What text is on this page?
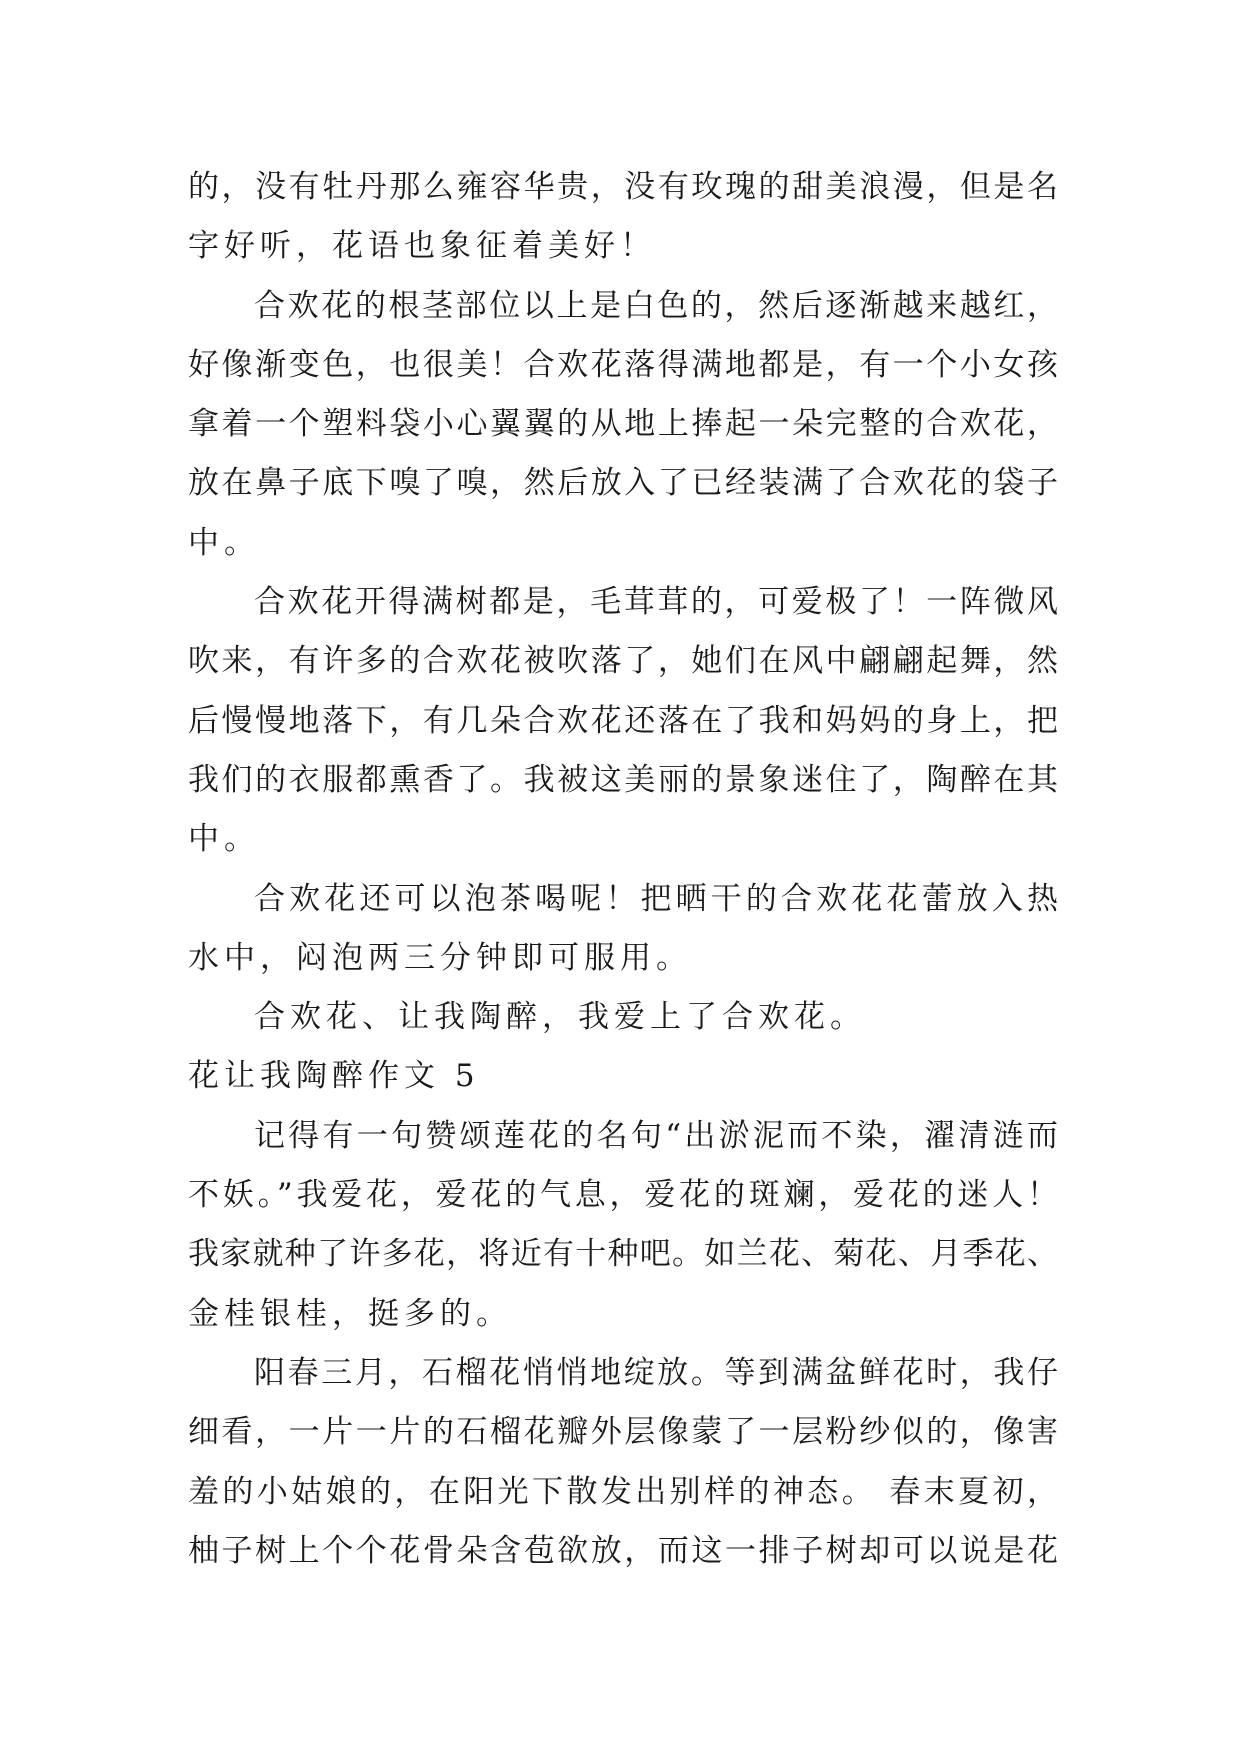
的，没有牡丹那么雍容华贵，没有玫瑰的甜美浪漫，但是名
字好听，花语也象征着美好！
合欢花的根茎部位以上是白色的，然后逐渐越来越红，
好像渐变色，也很美！合欢花落得满地都是，有一个小女孩
拿着一个塑料袋小心翼翼的从地上捧起一朵完整的合欢花，
放在鼻子底下嗅了嗅，然后放入了已经装满了合欢花的袋子
中。
合欢花开得满树都是，毛茸茸的，可爱极了！一阵微风
吹来，有许多的合欢花被吹落了，她们在风中翩翩起舞，然
后慢慢地落下，有几朵合欢花还落在了我和妈妈的身上，把
我们的衣服都熏香了。我被这美丽的景象迷住了，陶醉在其
中。
合欢花还可以泡茶喝呢！把晒干的合欢花花蕾放入热
水中，闷泡两三分钟即可服用。
合欢花、让我陶醉，我爱上了合欢花。
花让我陶醉作文 5
记得有一句赞颂莲花的名句“出淤泥而不染，濯清涟而
不妖。”我爱花，爱花的气息，爱花的斑斓，爱花的迷人！
我家就种了许多花，将近有十种吧。如兰花、菊花、月季花、
金桂银桂，挺多的。
阳春三月，石榴花悄悄地绽放。等到满盆鲜花时，我仔
细看，一片一片的石榴花瓣外层像蒙了一层粉纱似的，像害
羞的小姑娘的，在阳光下散发出别样的神态。 春末夏初，
柚子树上个个花骨朵含苞欲放，而这一排子树却可以说是花
